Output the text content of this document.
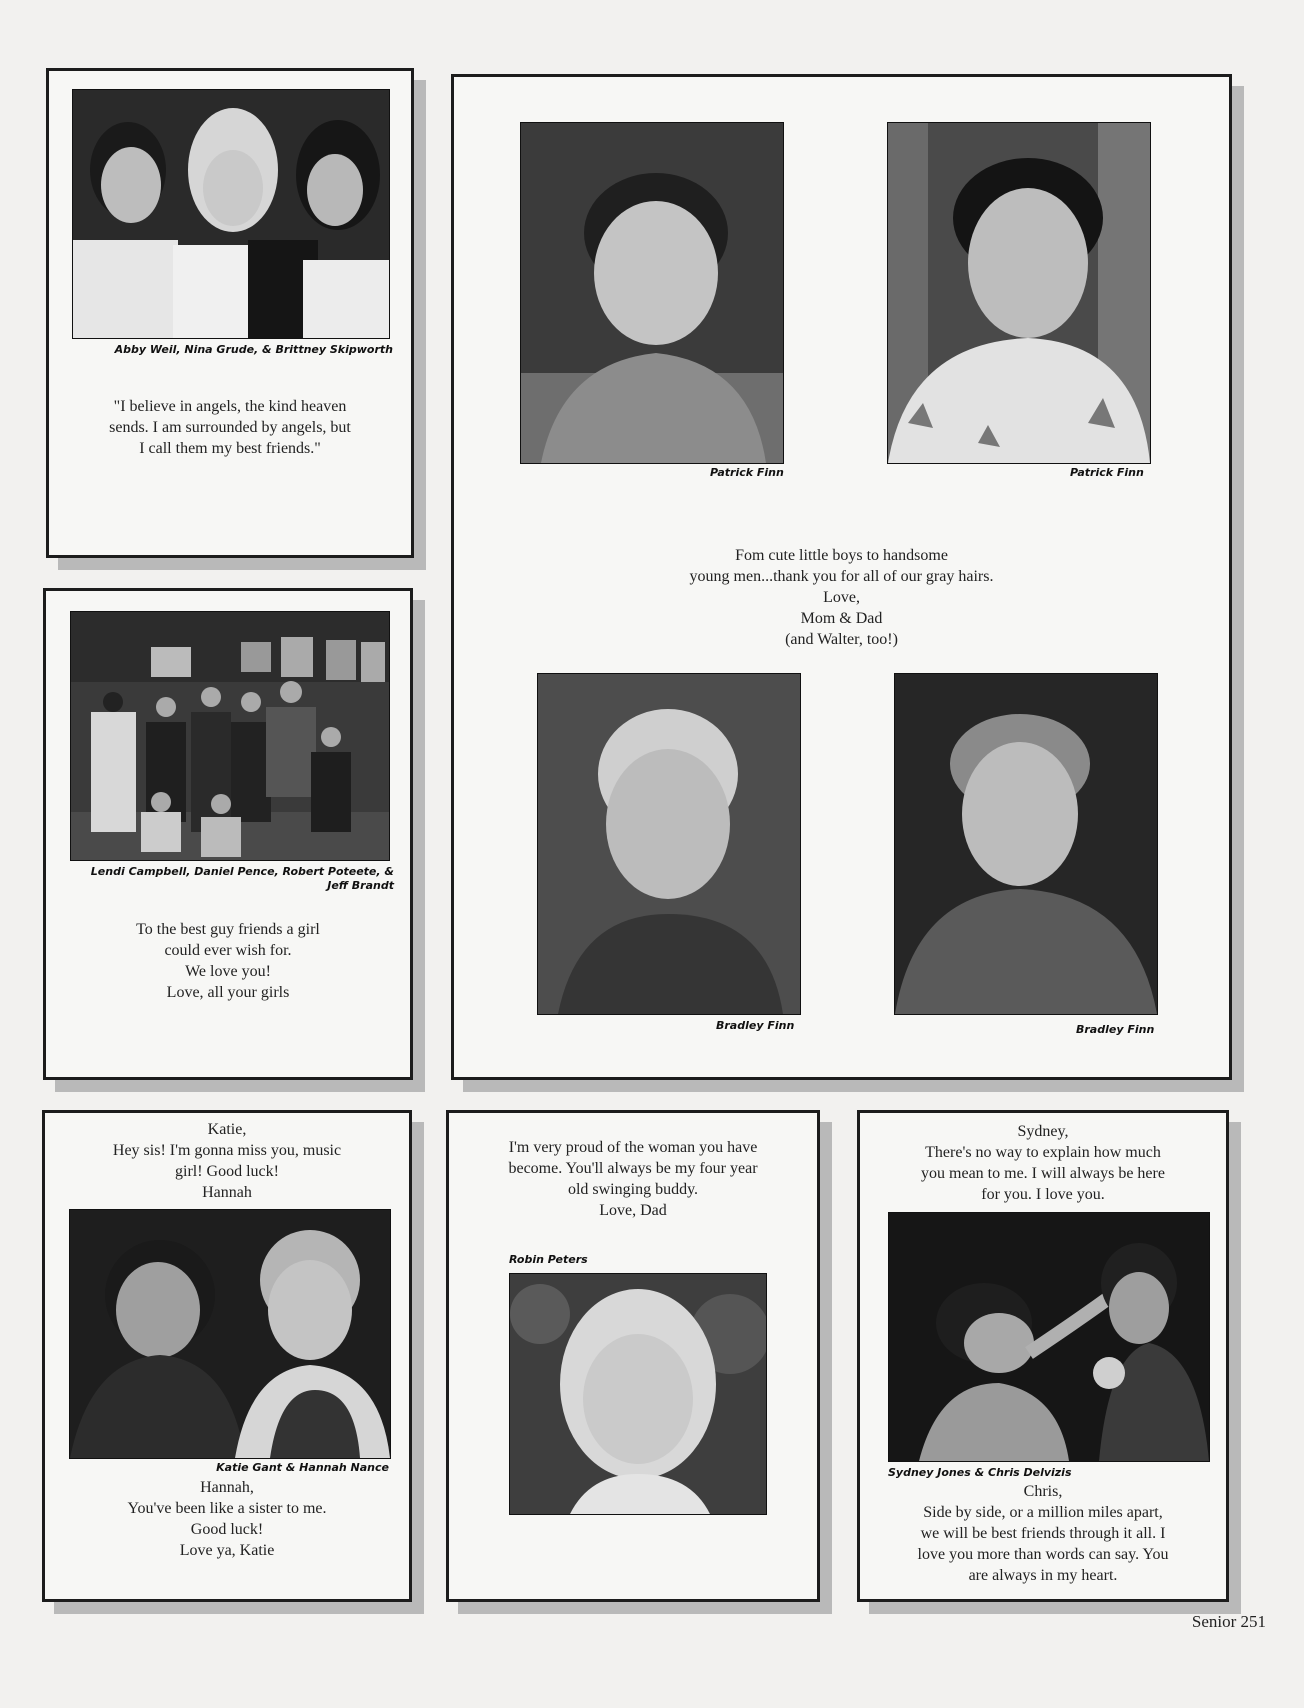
Abby Weil, Nina Grude, & Brittney Skipworth
"I believe in angels, the kind heaven
sends. I am surrounded by angels, but
I call them my best friends."
Lendi Campbell, Daniel Pence, Robert Poteete, &
Jeff Brandt
To the best guy friends a girl
could ever wish for.
We love you!
Love, all your girls
Patrick Finn	Patrick Finn
Fom cute little boys to handsome
young men...thank you for all of our gray hairs.
Love,
Mom & Dad
(and Walter, too!)
Bradley Finn	Bradley Finn
Katie,
Hey sis! I'm gonna miss you, music
girl! Good luck!
Hannah
Katie Gant & Hannah Nance
Hannah,
You've been like a sister to me.
Good luck!
Love ya, Katie
I'm very proud of the woman you have
become. You'll always be my four year
old swinging buddy.
Love, Dad
Robin Peters
Sydney,
There's no way to explain how much
you mean to me. I will always be here
for you. I love you.
Sydney Jones & Chris Delvizis
Chris,
Side by side, or a million miles apart,
we will be best friends through it all. I
love you more than words can say. You
are always in my heart.
Senior 251
